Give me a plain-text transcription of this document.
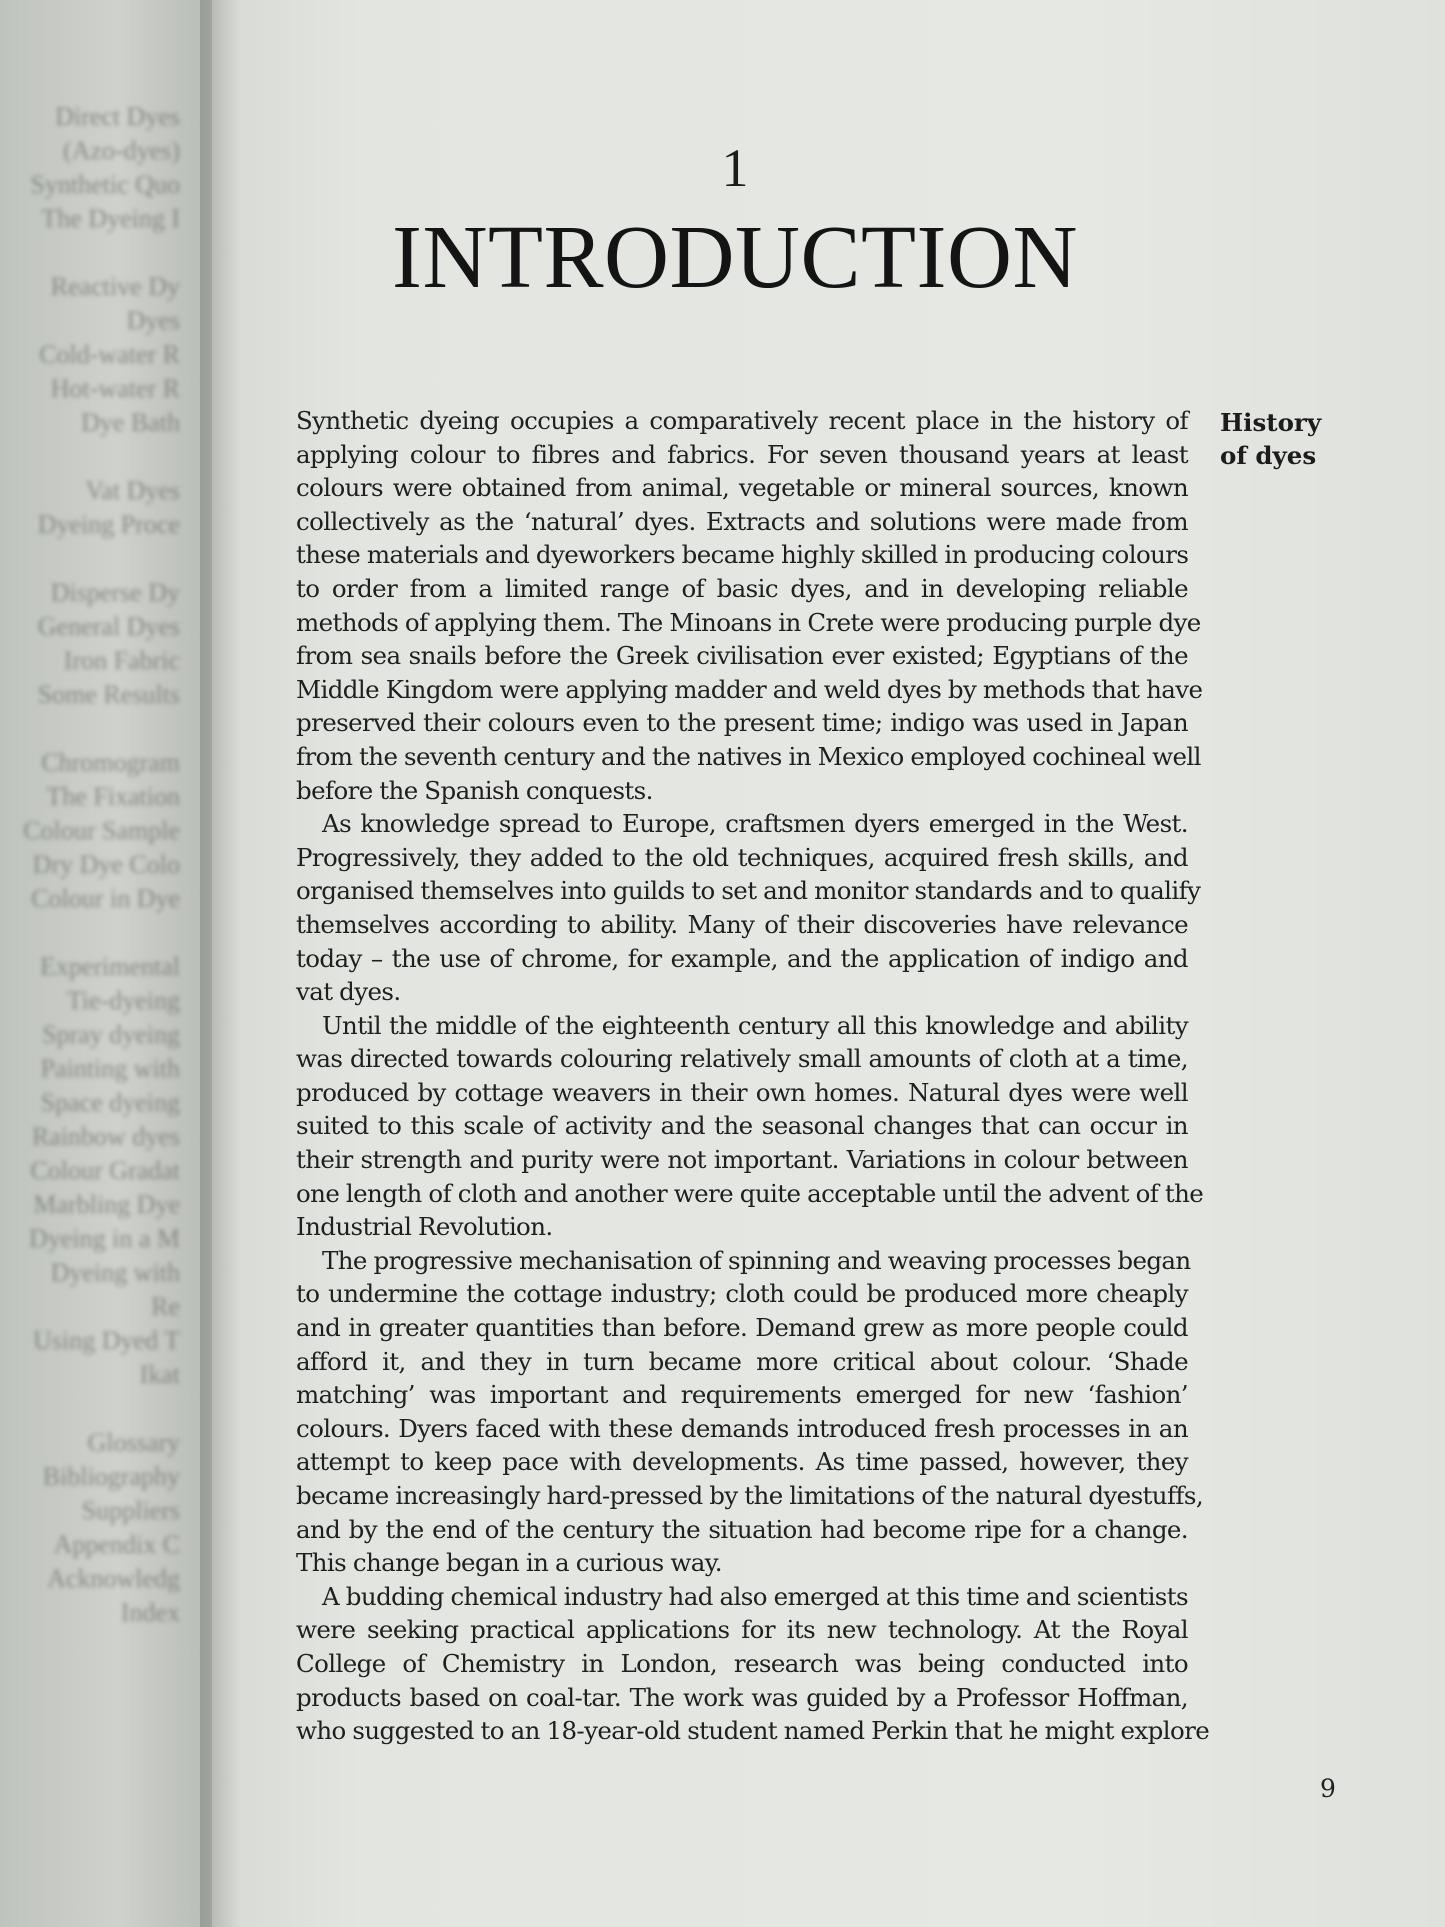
Direct Dyes
(Azo-dyes)
Synthetic Quo
The Dyeing I
Reactive Dy
Dyes
Cold-water R
Hot-water R
Dye Bath
Vat Dyes
Dyeing Proce
Disperse Dy
General Dyes
Iron Fabric
Some Results
Chromogram
The Fixation
Colour Sample
Dry Dye Colo
Colour in Dye
Experimental
Tie-dyeing
Spray dyeing
Painting with
Space dyeing
Rainbow dyes
Colour Gradat
Marbling Dye
Dyeing in a M
Dyeing with Re
Using Dyed T
Ikat
Glossary
Bibliography
Suppliers
Appendix C
Acknowledg
Index
1
INTRODUCTION
History
of dyes
Synthetic dyeing occupies a comparatively recent place in the history of
applying colour to fibres and fabrics. For seven thousand years at least
colours were obtained from animal, vegetable or mineral sources, known
collectively as the ‘natural’ dyes. Extracts and solutions were made from
these materials and dyeworkers became highly skilled in producing colours
to order from a limited range of basic dyes, and in developing reliable
methods of applying them. The Minoans in Crete were producing purple dye
from sea snails before the Greek civilisation ever existed; Egyptians of the
Middle Kingdom were applying madder and weld dyes by methods that have
preserved their colours even to the present time; indigo was used in Japan
from the seventh century and the natives in Mexico employed cochineal well
before the Spanish conquests.
As knowledge spread to Europe, craftsmen dyers emerged in the West.
Progressively, they added to the old techniques, acquired fresh skills, and
organised themselves into guilds to set and monitor standards and to qualify
themselves according to ability. Many of their discoveries have relevance
today – the use of chrome, for example, and the application of indigo and
vat dyes.
Until the middle of the eighteenth century all this knowledge and ability
was directed towards colouring relatively small amounts of cloth at a time,
produced by cottage weavers in their own homes. Natural dyes were well
suited to this scale of activity and the seasonal changes that can occur in
their strength and purity were not important. Variations in colour between
one length of cloth and another were quite acceptable until the advent of the
Industrial Revolution.
The progressive mechanisation of spinning and weaving processes began
to undermine the cottage industry; cloth could be produced more cheaply
and in greater quantities than before. Demand grew as more people could
afford it, and they in turn became more critical about colour. ‘Shade
matching’ was important and requirements emerged for new ‘fashion’
colours. Dyers faced with these demands introduced fresh processes in an
attempt to keep pace with developments. As time passed, however, they
became increasingly hard-pressed by the limitations of the natural dyestuffs,
and by the end of the century the situation had become ripe for a change.
This change began in a curious way.
A budding chemical industry had also emerged at this time and scientists
were seeking practical applications for its new technology. At the Royal
College of Chemistry in London, research was being conducted into
products based on coal-tar. The work was guided by a Professor Hoffman,
who suggested to an 18-year-old student named Perkin that he might explore
9
